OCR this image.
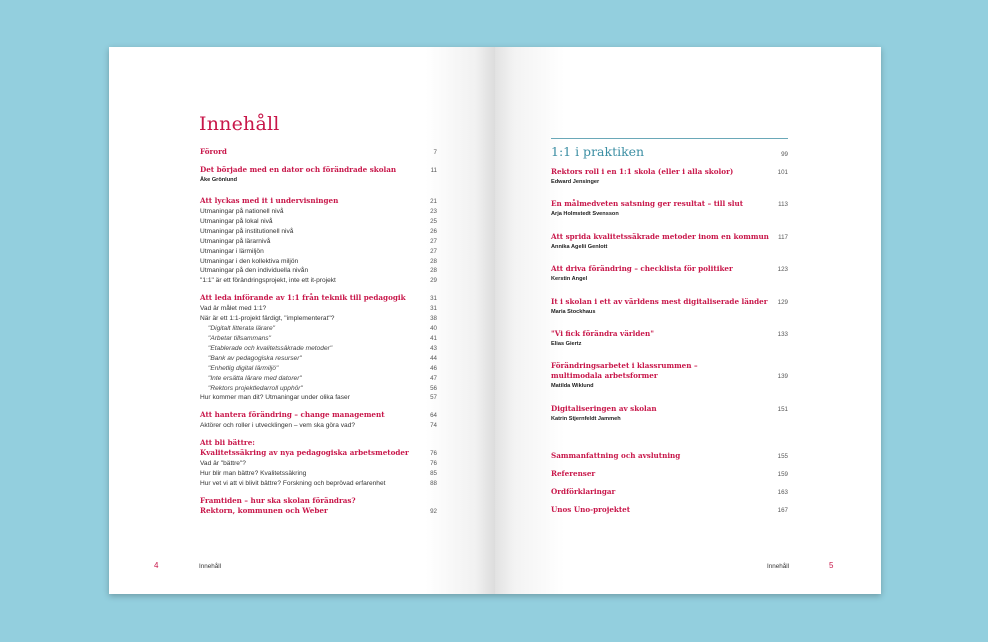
Innehåll
Förord	7
Det började med en dator och förändrade skolan	11
Åke Grönlund
Att lyckas med it i undervisningen	21
Utmaningar på nationell nivå	23
Utmaningar på lokal nivå	25
Utmaningar på institutionell nivå	26
Utmaningar på lärarnivå	27
Utmaningar i lärmiljön	27
Utmaningar i den kollektiva miljön	28
Utmaningar på den individuella nivån	28
"1:1" är ett förändringsprojekt, inte ett it-projekt	29
Att leda införande av 1:1 från teknik till pedagogik	31
Vad är målet med 1:1?	31
När är ett 1:1-projekt färdigt, "implementerat"?	38
"Digitalt litterata lärare"	40
"Arbetar tillsammans"	41
"Etablerade och kvalitetssäkrade metoder"	43
"Bank av pedagogiska resurser"	44
"Enhetlig digital lärmiljö"	46
"Inte ersätta lärare med datorer"	47
"Rektors projektledarroll upphör"	56
Hur kommer man dit? Utmaningar under olika faser	57
Att hantera förändring – change management	64
Aktörer och roller i utvecklingen – vem ska göra vad?	74
Att bli bättre:
Kvalitetssäkring av nya pedagogiska arbetsmetoder	76
Vad är "bättre"?	76
Hur blir man bättre? Kvalitetssäkring	85
Hur vet vi att vi blivit bättre? Forskning och beprövad erfarenhet	88
Framtiden – hur ska skolan förändras?
Rektorn, kommunen och Weber	92
4	Innehåll
1:1 i praktiken	99
Rektors roll i en 1:1 skola (eller i alla skolor)	101
Edward Jensinger
En målmedveten satsning ger resultat – till slut	113
Arja Holmstedt Svensson
Att sprida kvalitetssäkrade metoder inom en kommun 117
Annika Agelii Genlott
Att driva förändring – checklista för politiker	123
Kerstin Angel
It i skolan i ett av världens mest digitaliserade länder 129
Maria Stockhaus
"Vi fick förändra världen"	133
Elias Giertz
Förändringsarbetet i klassrummen –
multimodala arbetsformer	139
Matilda Wiklund
Digitaliseringen av skolan	151
Katrin Stjernfeldt Jammeh
Sammanfattning och avslutning	155
Referenser	159
Ordförklaringar	163
Unos Uno-projektet	167
Innehåll	5
